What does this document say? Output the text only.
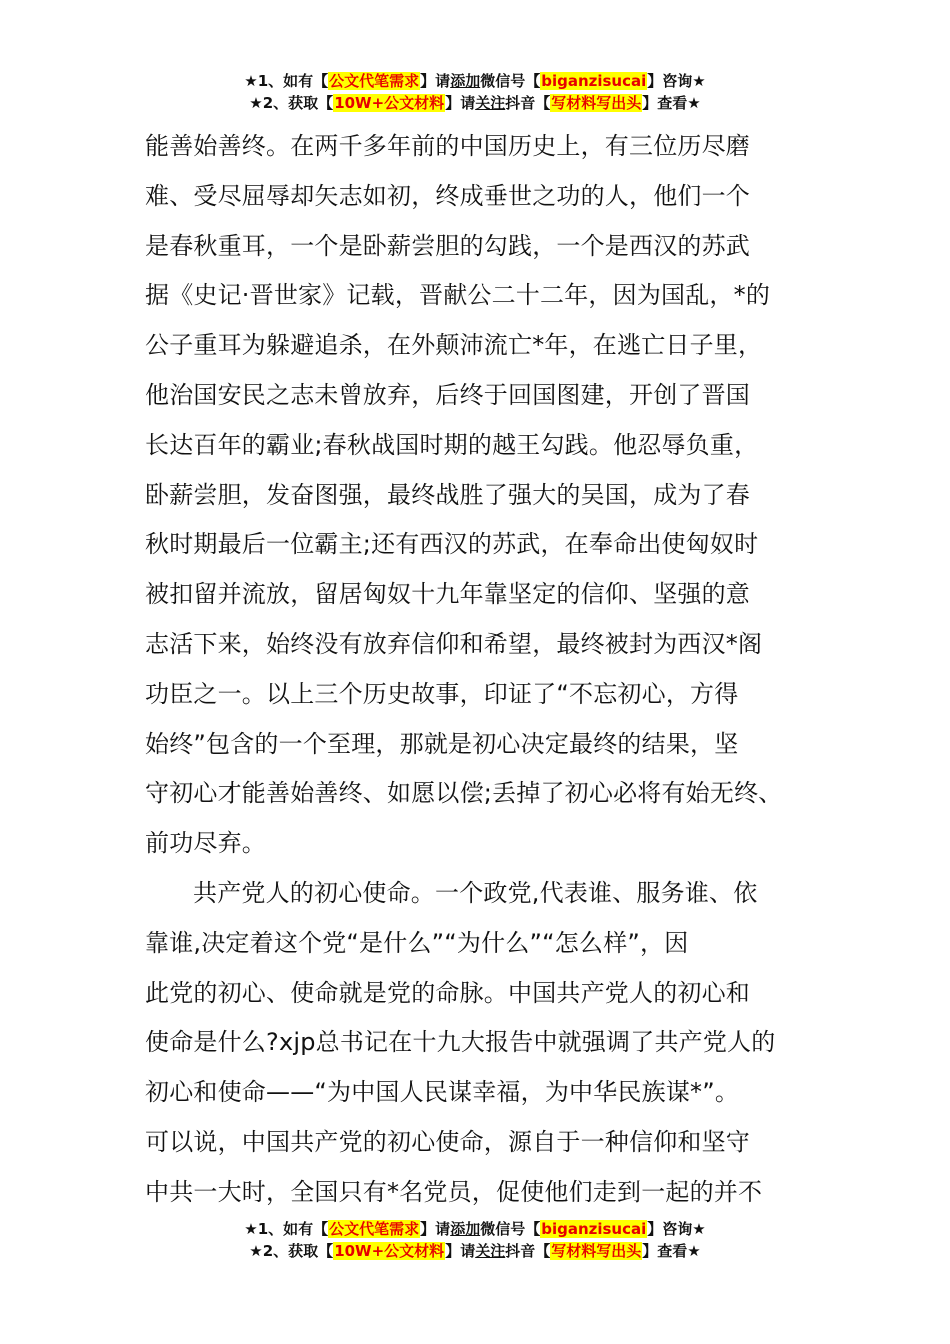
★1、如有【公文代笔需求】请添加微信号【biganzisucai】咨询★
★2、获取【10W+公文材料】请关注抖音【写材料写出头】查看★
能善始善终。在两千多年前的中国历史上，有三位历尽磨
难、受尽屈辱却矢志如初，终成垂世之功的人，他们一个
是春秋重耳，一个是卧薪尝胆的勾践，一个是西汉的苏武
据《史记·晋世家》记载，晋献公二十二年，因为国乱，*的
公子重耳为躲避追杀，在外颠沛流亡*年，在逃亡日子里，
他治国安民之志未曾放弃，后终于回国图建，开创了晋国
长达百年的霸业;春秋战国时期的越王勾践。他忍辱负重，
卧薪尝胆，发奋图强，最终战胜了强大的吴国，成为了春
秋时期最后一位霸主;还有西汉的苏武，在奉命出使匈奴时
被扣留并流放，留居匈奴十九年靠坚定的信仰、坚强的意
志活下来，始终没有放弃信仰和希望，最终被封为西汉*阁
功臣之一。以上三个历史故事，印证了“不忘初心，方得
始终”包含的一个至理，那就是初心决定最终的结果，坚
守初心才能善始善终、如愿以偿;丢掉了初心必将有始无终、
前功尽弃。
共产党人的初心使命。一个政党,代表谁、服务谁、依
靠谁,决定着这个党“是什么”“为什么”“怎么样”，因
此党的初心、使命就是党的命脉。中国共产党人的初心和
使命是什么?xjp总书记在十九大报告中就强调了共产党人的
初心和使命——“为中国人民谋幸福，为中华民族谋*”。
可以说，中国共产党的初心使命，源自于一种信仰和坚守
中共一大时，全国只有*名党员，促使他们走到一起的并不
★1、如有【公文代笔需求】请添加微信号【biganzisucai】咨询★
★2、获取【10W+公文材料】请关注抖音【写材料写出头】查看★
